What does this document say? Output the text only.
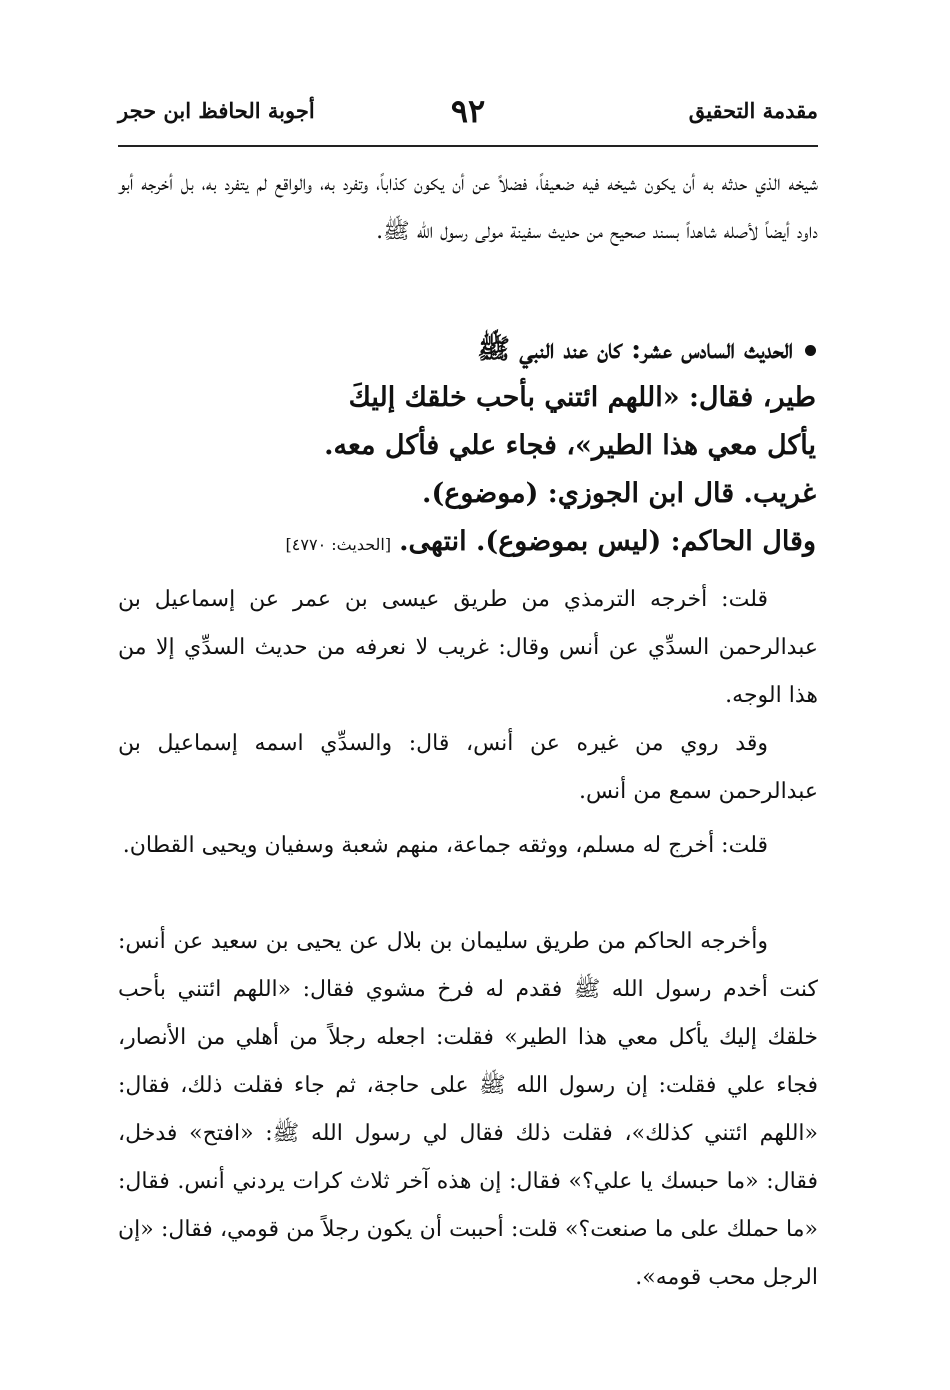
مقدمة التحقيق
٩٢
أجوبة الحافظ ابن حجر

شيخه الذي حدثه به أن يكون شيخه فيه ضعيفاً، فضلاً عن أن يكون كذاباً، وتفرد به، والواقع لم يتفرد به، بل أخرجه أبو داود أيضاً لأصله شاهداً بسند صحيح من حديث سفينة مولى رسول الله ﷺ.

الحديث السادس عشر: كان عند النبي ﷺ
طير، فقال: «اللهم ائتني بأحب خلقك إليكَ
يأكل معي هذا الطير»، فجاء علي فأكل معه.
غريب. قال ابن الجوزي: (موضوع).
وقال الحاكم: (ليس بموضوع). انتهى.[الحديث: ٤٧٧٠]

قلت: أخرجه الترمذي من طريق عيسى بن عمر عن إسماعيل بن عبدالرحمن السدِّي عن أنس وقال: غريب لا نعرفه من حديث السدِّي إلا من هذا الوجه.

وقد روي من غيره عن أنس، قال: والسدِّي اسمه إسماعيل بن عبدالرحمن سمع من أنس.

قلت: أخرج له مسلم، ووثقه جماعة، منهم شعبة وسفيان ويحيى القطان.

وأخرجه الحاكم من طريق سليمان بن بلال عن يحيى بن سعيد عن أنس: كنت أخدم رسول الله ﷺ فقدم له فرخ مشوي فقال: «اللهم ائتني بأحب خلقك إليك يأكل معي هذا الطير» فقلت: اجعله رجلاً من أهلي من الأنصار، فجاء علي فقلت: إن رسول الله ﷺ على حاجة، ثم جاء فقلت ذلك، فقال: «اللهم ائتني كذلك»، فقلت ذلك فقال لي رسول الله ﷺ: «افتح» فدخل، فقال: «ما حبسك يا علي؟» فقال: إن هذه آخر ثلاث كرات يردني أنس. فقال: «ما حملك على ما صنعت؟» قلت: أحببت أن يكون رجلاً من قومي، فقال: «إن الرجل محب قومه».
